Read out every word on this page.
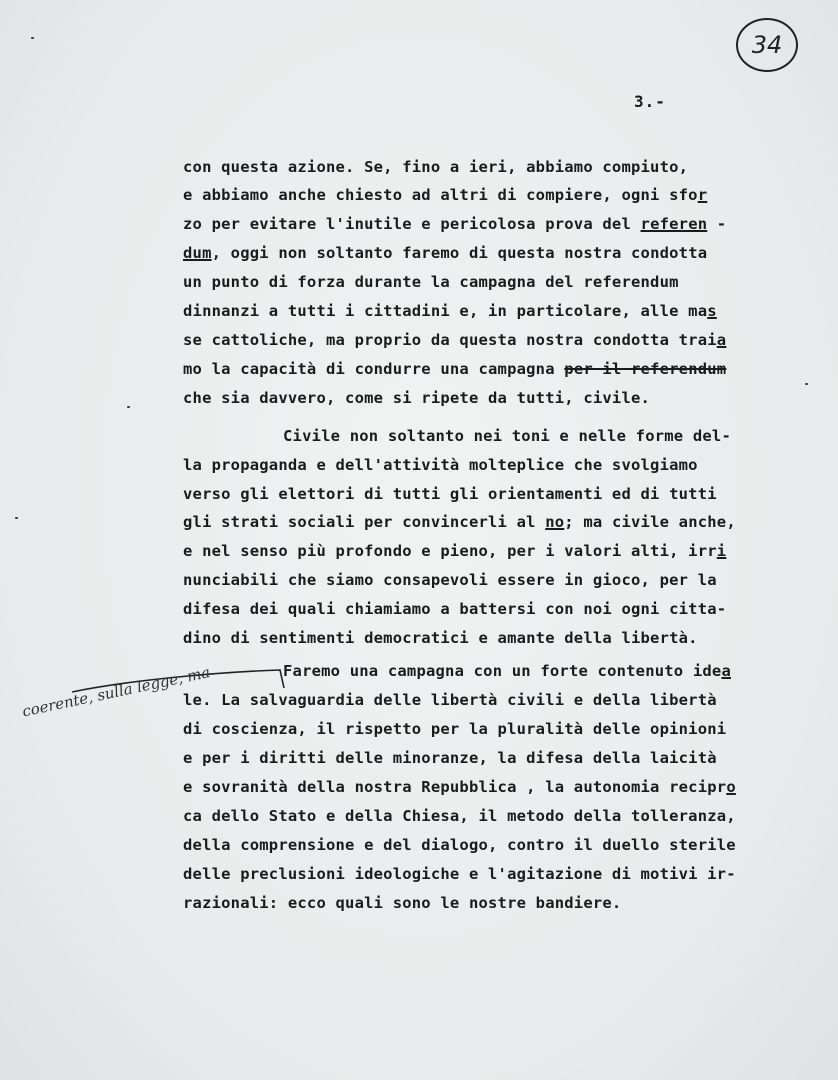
34
3.-
con questa azione. Se, fino a ieri, abbiamo compiuto,
e abbiamo anche chiesto ad altri di compiere, ogni sfor
zo per evitare l'inutile e pericolosa prova del referen -
dum, oggi non soltanto faremo di questa nostra condotta
un punto di forza durante la campagna del referendum
dinnanzi a tutti i cittadini e, in particolare, alle mas
se cattoliche, ma proprio da questa nostra condotta traia
mo la capacità di condurre una campagna per il referendum
che sia davvero, come si ripete da tutti, civile.
Civile non soltanto nei toni e nelle forme del-
la propaganda e dell'attività molteplice che svolgiamo
verso gli elettori di tutti gli orientamenti ed di tutti
gli strati sociali per convincerli al no; ma civile anche,
e nel senso più profondo e pieno, per i valori alti, irri
nunciabili che siamo consapevoli essere in gioco, per la
difesa dei quali chiamiamo a battersi con noi ogni citta-
dino di sentimenti democratici e amante della libertà.
coerente, sulla legge, ma	Faremo una campagna con un forte contenuto idea
le. La salvaguardia delle libertà civili e della libertà
di coscienza, il rispetto per la pluralità delle opinioni
e per i diritti delle minoranze, la difesa della laicità
e sovranità della nostra Repubblica , la autonomia recipro
ca dello Stato e della Chiesa, il metodo della tolleranza,
della comprensione e del dialogo, contro il duello sterile
delle preclusioni ideologiche e l'agitazione di motivi ir-
razionali: ecco quali sono le nostre bandiere.
